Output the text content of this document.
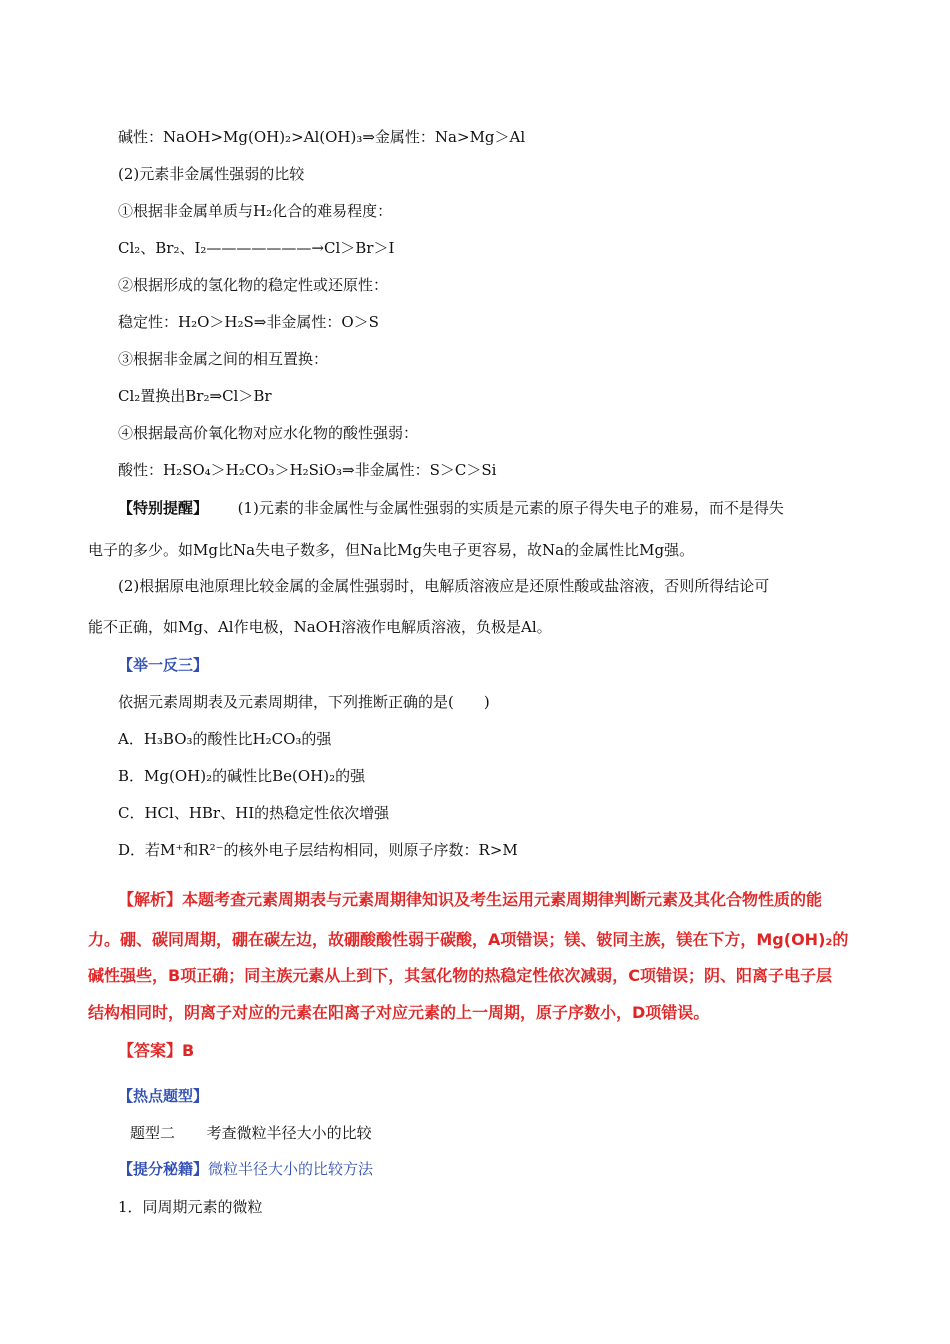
碱性：NaOH>Mg(OH)₂>Al(OH)₃⇒金属性：Na>Mg＞Al
(2)元素非金属性强弱的比较
①根据非金属单质与H₂化合的难易程度：
Cl₂、Br₂、I₂———————→Cl＞Br＞I
②根据形成的氢化物的稳定性或还原性：
稳定性：H₂O＞H₂S⇒非金属性：O＞S
③根据非金属之间的相互置换：
Cl₂置换出Br₂⇒Cl＞Br
④根据最高价氧化物对应水化物的酸性强弱：
酸性：H₂SO₄＞H₂CO₃＞H₂SiO₃⇒非金属性：S＞C＞Si
【特别提醒】 (1)元素的非金属性与金属性强弱的实质是元素的原子得失电子的难易，而不是得失
电子的多少。如Mg比Na失电子数多，但Na比Mg失电子更容易，故Na的金属性比Mg强。
(2)根据原电池原理比较金属的金属性强弱时，电解质溶液应是还原性酸或盐溶液，否则所得结论可
能不正确，如Mg、Al作电极，NaOH溶液作电解质溶液，负极是Al。
【举一反三】
依据元素周期表及元素周期律，下列推断正确的是(　　)
A．H₃BO₃的酸性比H₂CO₃的强
B．Mg(OH)₂的碱性比Be(OH)₂的强
C．HCl、HBr、HI的热稳定性依次增强
D．若M⁺和R²⁻的核外电子层结构相同，则原子序数：R>M
【解析】本题考查元素周期表与元素周期律知识及考生运用元素周期律判断元素及其化合物性质的能
力。硼、碳同周期，硼在碳左边，故硼酸酸性弱于碳酸，A项错误；镁、铍同主族，镁在下方，Mg(OH)₂的
碱性强些，B项正确；同主族元素从上到下，其氢化物的热稳定性依次减弱，C项错误；阴、阳离子电子层
结构相同时，阴离子对应的元素在阳离子对应元素的上一周期，原子序数小，D项错误。
【答案】B
【热点题型】
题型二 考查微粒半径大小的比较
【提分秘籍】微粒半径大小的比较方法
1．同周期元素的微粒
